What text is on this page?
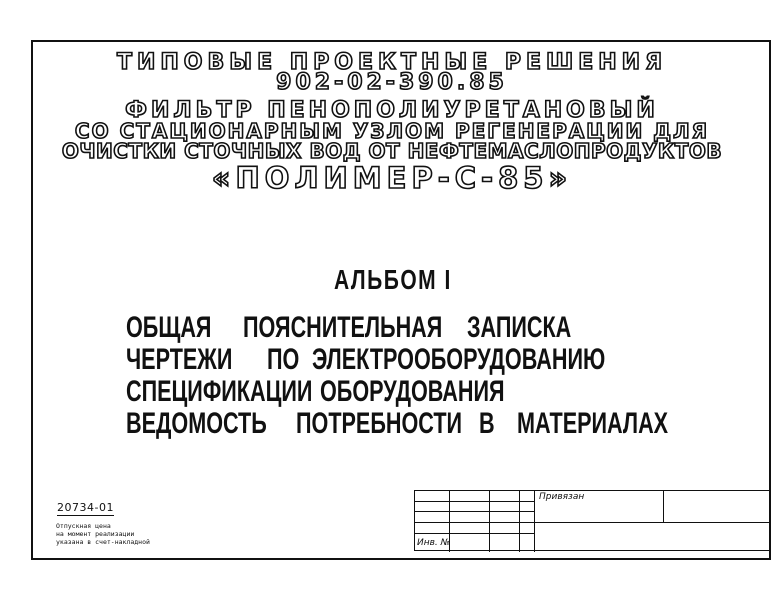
ТИПОВЫЕ ПРОЕКТНЫЕ РЕШЕНИЯ
902-02-390.85
ФИЛЬТР ПЕНОПОЛИУРЕТАНОВЫЙ
СО СТАЦИОНАРНЫМ УЗЛОМ РЕГЕНЕРАЦИИ ДЛЯ
ОЧИСТКИ СТОЧНЫХ ВОД ОТ НЕФТЕМАСЛОПРОДУКТОВ
«ПОЛИМЕР-С-85»
АЛЬБОМ I
ОБЩАЯ ПОЯСНИТЕЛЬНАЯ ЗАПИСКА
ЧЕРТЕЖИ ПО ЭЛЕКТРООБОРУДОВАНИЮ
СПЕЦИФИКАЦИИ ОБОРУДОВАНИЯ
ВЕДОМОСТЬ ПОТРЕБНОСТИ В МАТЕРИАЛАХ
20734-01
Отпускная цена
на момент реализации
указана в счет-накладной
Привязан
Инв. №
